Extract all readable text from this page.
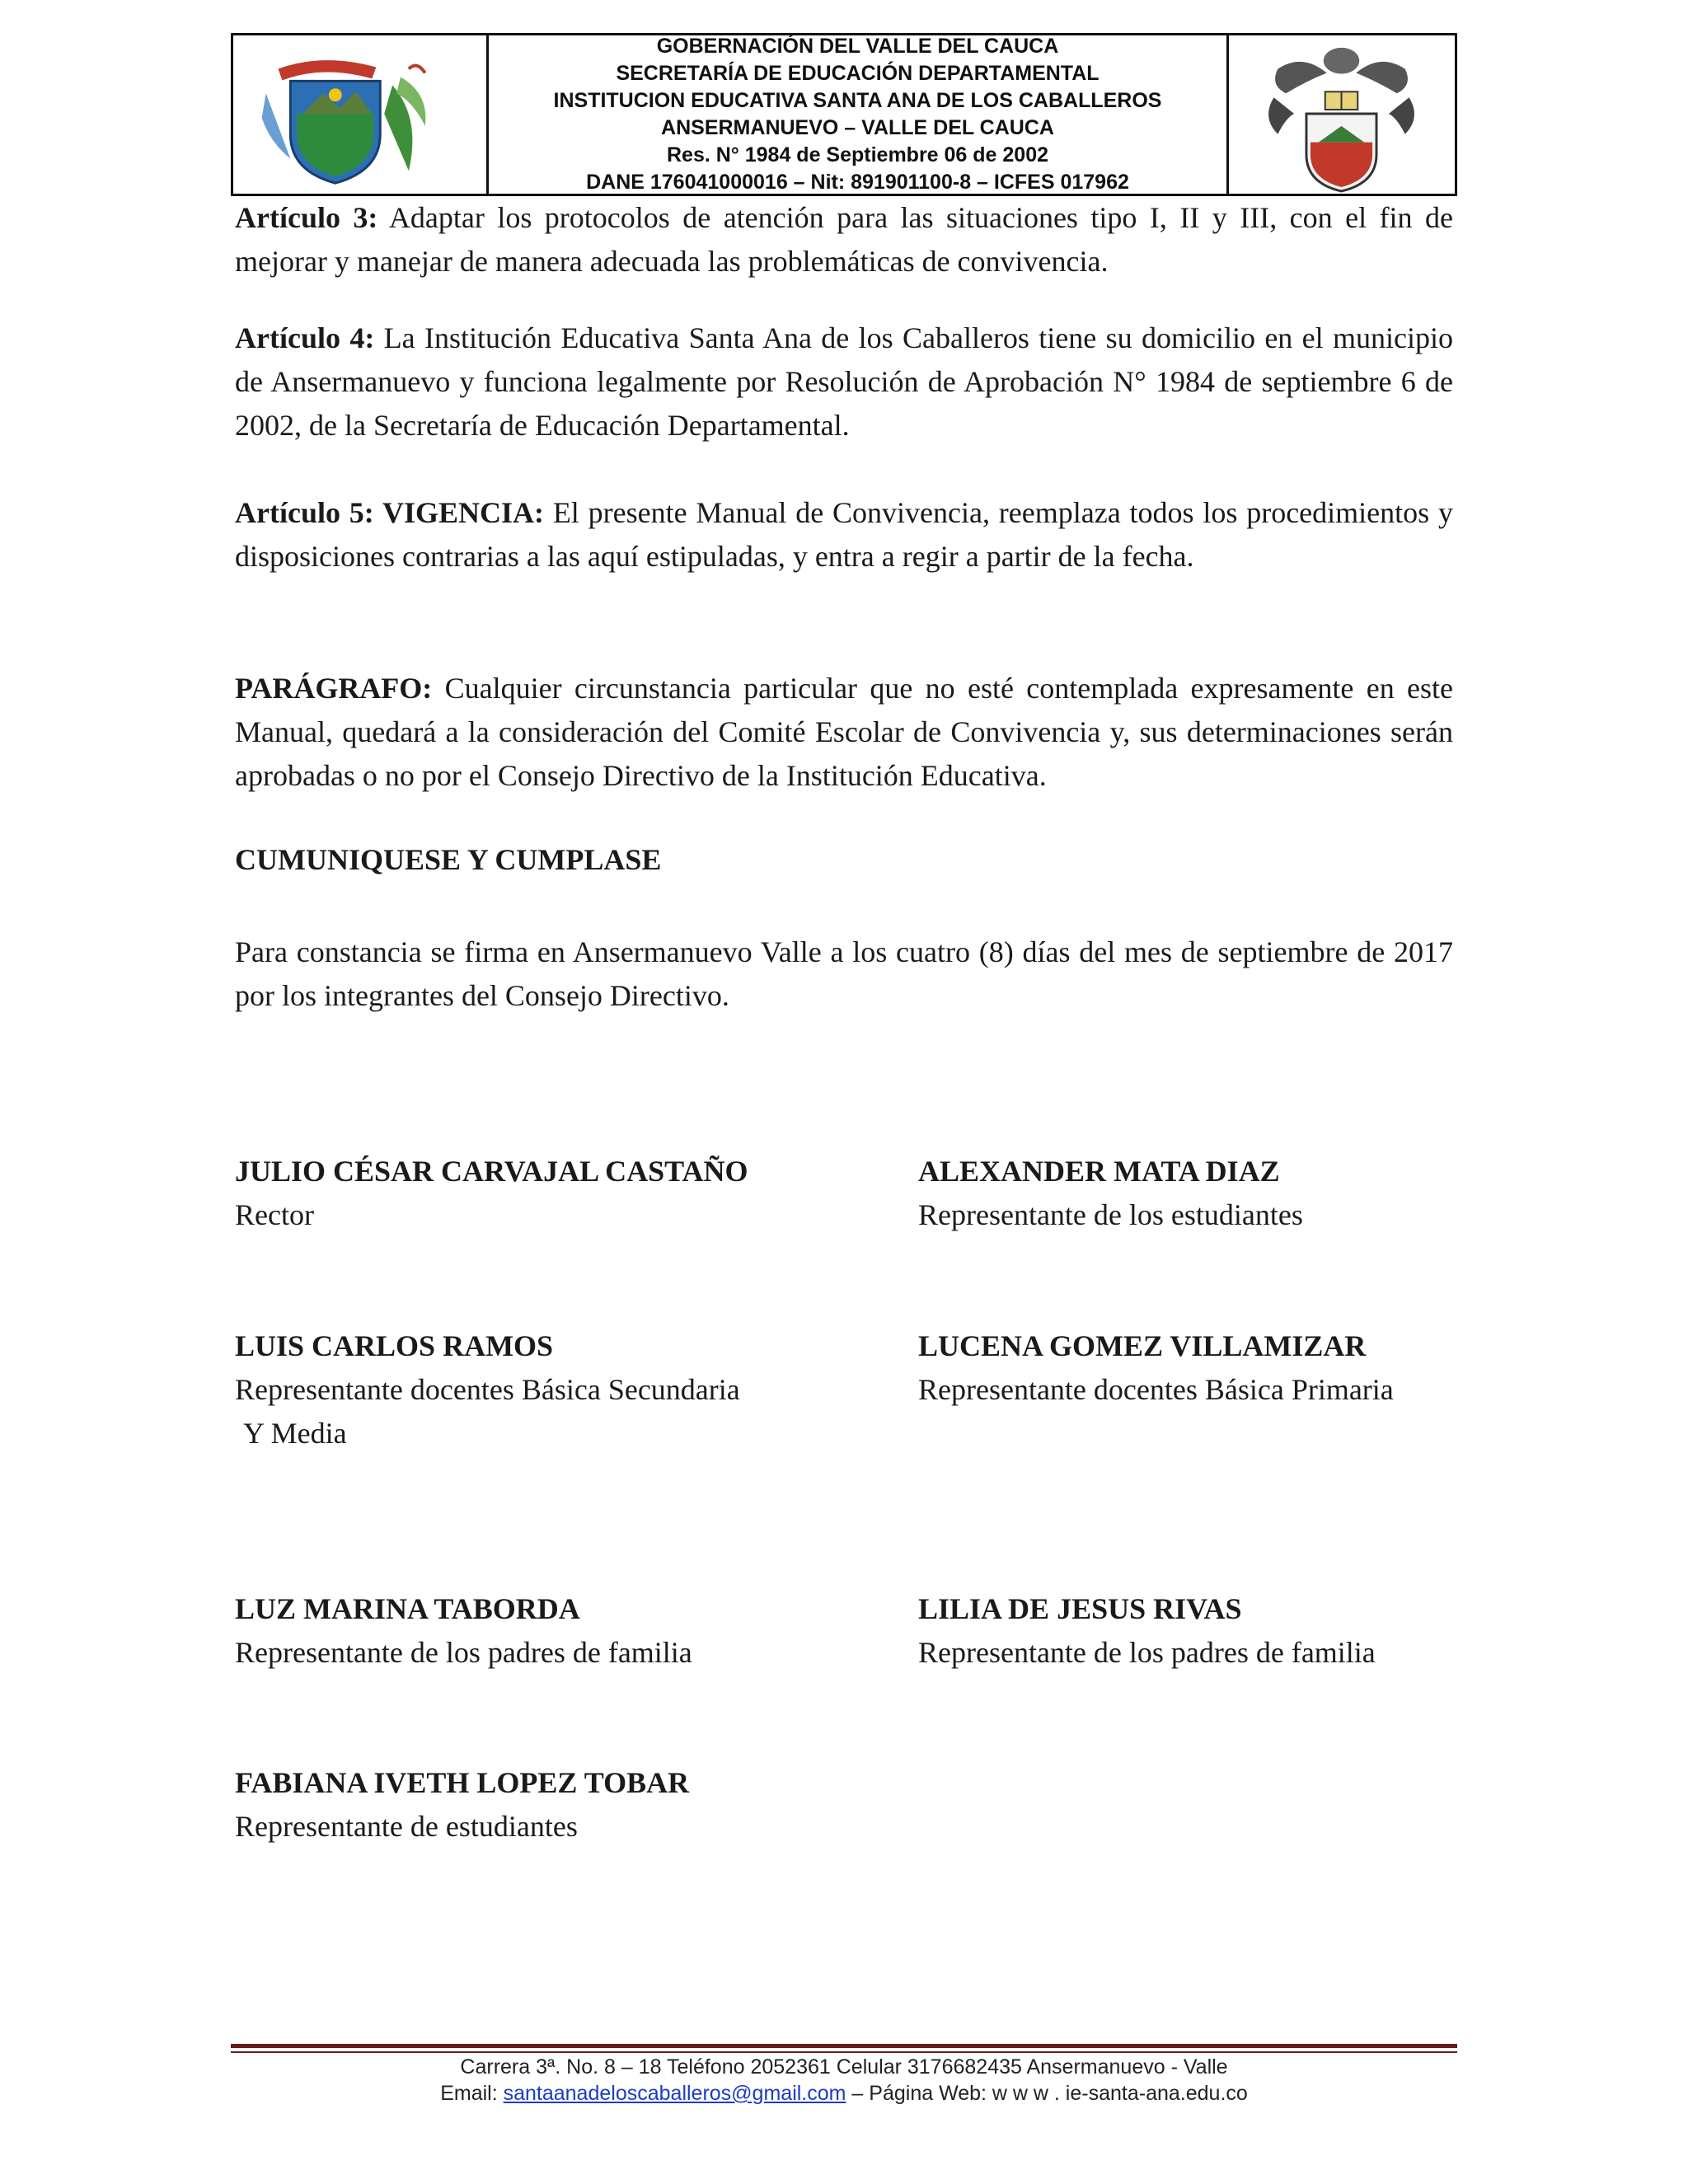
GOBERNACIÓN DEL VALLE DEL CAUCA
SECRETARÍA DE EDUCACIÓN DEPARTAMENTAL
INSTITUCION EDUCATIVA SANTA ANA DE LOS CABALLEROS
ANSERMANUEVO – VALLE DEL CAUCA
Res. N° 1984 de Septiembre 06 de 2002
DANE 176041000016 – Nit: 891901100-8 – ICFES 017962

Artículo 3: Adaptar los protocolos de atención para las situaciones tipo I, II y III, con el fin de mejorar y manejar de manera adecuada las problemáticas de convivencia.

Artículo 4: La Institución Educativa Santa Ana de los Caballeros tiene su domicilio en el municipio de Ansermanuevo y funciona legalmente por Resolución de Aprobación N° 1984 de septiembre 6 de 2002, de la Secretaría de Educación Departamental.

Artículo 5: VIGENCIA: El presente Manual de Convivencia, reemplaza todos los procedimientos y disposiciones contrarias a las aquí estipuladas, y entra a regir a partir de la fecha.

PARÁGRAFO: Cualquier circunstancia particular que no esté contemplada expresamente en este Manual, quedará a la consideración del Comité Escolar de Convivencia y, sus determinaciones serán aprobadas o no por el Consejo Directivo de la Institución Educativa.

CUMUNIQUESE Y CUMPLASE

Para constancia se firma en Ansermanuevo Valle a los cuatro (8) días del mes de septiembre de 2017 por los integrantes del Consejo Directivo.

JULIO CÉSAR CARVAJAL CASTAÑO
Rector
ALEXANDER MATA DIAZ
Representante de los estudiantes
LUIS CARLOS RAMOS
Representante docentes Básica Secundaria
Y Media
LUCENA GOMEZ VILLAMIZAR
Representante docentes Básica Primaria
LUZ MARINA TABORDA
Representante de los padres de familia
LILIA DE JESUS RIVAS
Representante de los padres de familia
FABIANA IVETH LOPEZ TOBAR
Representante de estudiantes
Carrera 3ª. No. 8 – 18 Teléfono 2052361 Celular 3176682435 Ansermanuevo - Valle
Email: santaanadeloscaballeros@gmail.com – Página Web: w w w . ie-santa-ana.edu.co
